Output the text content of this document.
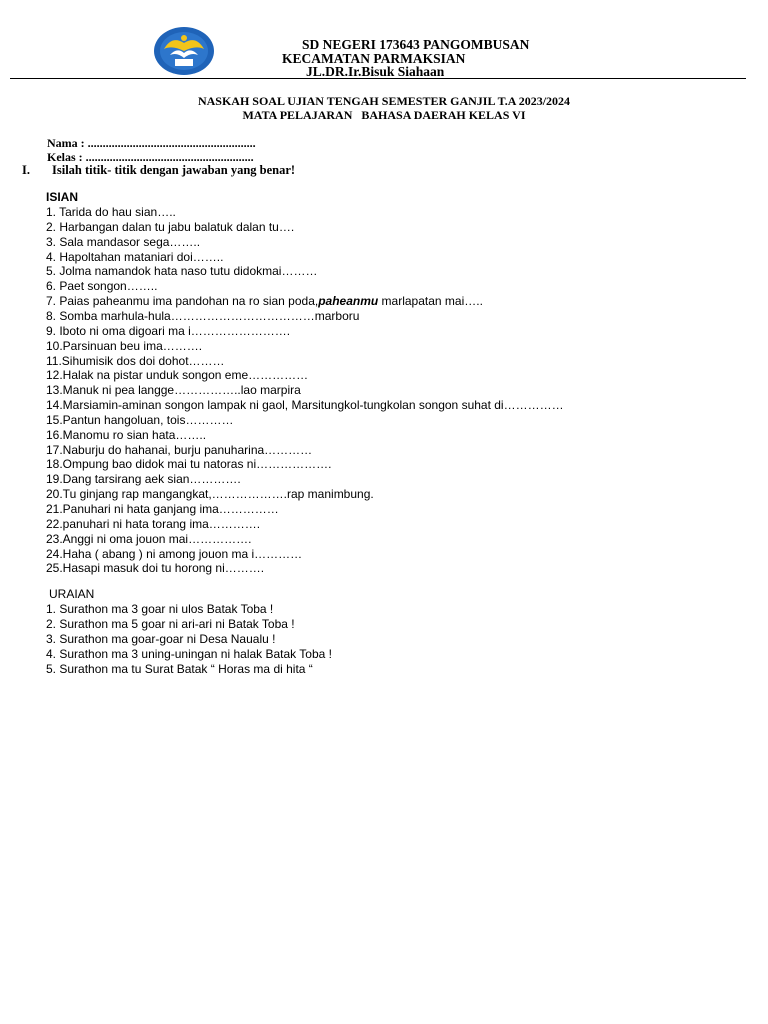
SD NEGERI 173643 PANGOMBUSAN
KECAMATAN PARMAKSIAN
JL.DR.Ir.Bisuk Siahaan
NASKAH SOAL UJIAN TENGAH SEMESTER GANJIL T.A 2023/2024
MATA PELAJARAN   BAHASA DAERAH KELAS VI
Nama : ........................................................
Kelas : ........................................................
I. Isilah titik- titik dengan jawaban yang benar!
ISIAN
1. Tarida do hau sian…..
2. Harbangan dalan tu jabu balatuk dalan tu….
3. Sala mandasor sega……..
4. Hapoltahan mataniari doi……..
5. Jolma namandok hata naso tutu didokmai………
6. Paet songon……..
7. Paias paheanmu ima pandohan na ro sian poda,paheanmu marlapatan mai…..
8. Somba marhula-hula………………………………marboru
9. Iboto ni oma digoari ma i…………………….
10.Parsinuan beu ima……….
11.Sihumisik dos doi dohot………
12.Halak na pistar unduk songon eme……………
13.Manuk ni pea langge……………..lao marpira
14.Marsiamin-aminan songon lampak ni gaol, Marsitungkol-tungkolan songon suhat di……………
15.Pantun hangoluan, tois…………
16.Manomu ro sian hata……..
17.Naburju do hahanai, burju panuharina…………
18.Ompung bao didok mai tu natoras ni……………….
19.Dang tarsirang aek sian………….
20.Tu ginjang rap mangangkat,……………….rap manimbung.
21.Panuhari ni hata ganjang ima……………
22.panuhari ni hata torang ima………….
23.Anggi ni oma jouon mai…………….
24.Haha ( abang ) ni among jouon ma i…………
25.Hasapi masuk doi tu horong ni……….
URAIAN
1. Surathon ma 3 goar ni ulos Batak Toba !
2. Surathon ma 5 goar ni ari-ari ni Batak Toba !
3. Surathon ma goar-goar ni Desa Naualu !
4. Surathon ma 3 uning-uningan ni halak Batak Toba !
5. Surathon ma tu Surat Batak “ Horas ma di hita “
